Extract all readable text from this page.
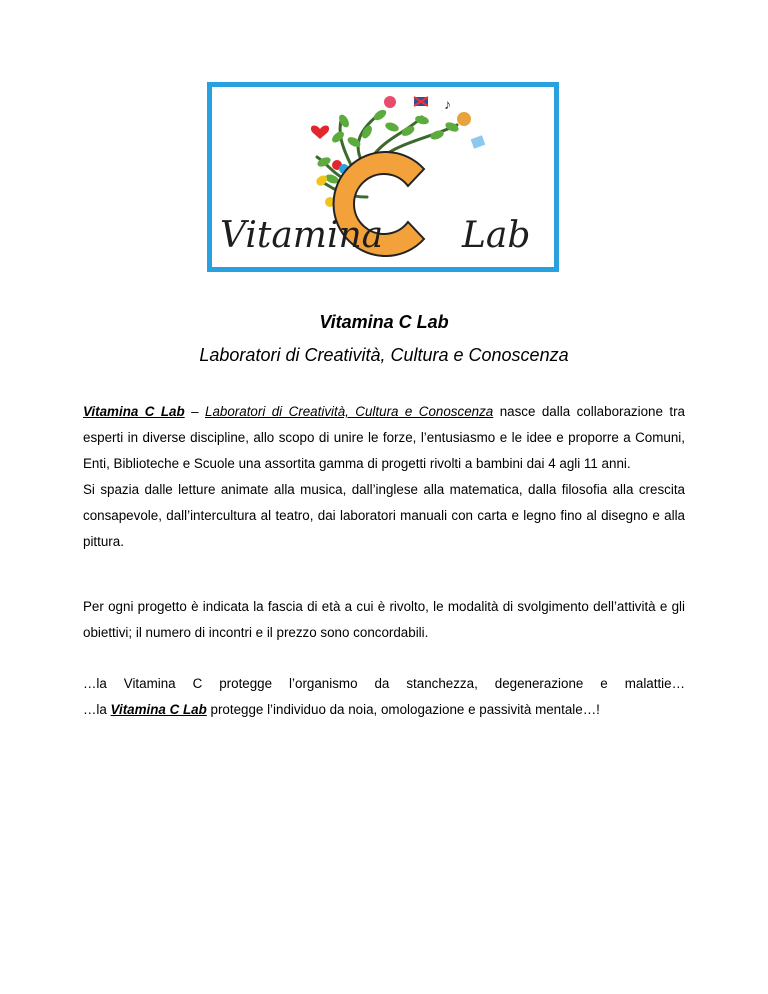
♪
Vitamina Lab
Vitamina C Lab
Laboratori di Creatività, Cultura e Conoscenza
Vitamina C Lab – Laboratori di Creatività, Cultura e Conoscenza nasce dalla collaborazione tra esperti in diverse discipline, allo scopo di unire le forze, l’entusiasmo e le idee e proporre a Comuni, Enti, Biblioteche e Scuole una assortita gamma di progetti rivolti a bambini dai 4 agli 11 anni.
Si spazia dalle letture animate alla musica, dall’inglese alla matematica, dalla filosofia alla crescita consapevole, dall’intercultura al teatro, dai laboratori manuali con carta e legno fino al disegno e alla pittura.
Per ogni progetto è indicata la fascia di età a cui è rivolto, le modalità di svolgimento dell’attività e gli obiettivi; il numero di incontri e il prezzo sono concordabili.
…la Vitamina C protegge l’organismo da stanchezza, degenerazione e malattie…
…la Vitamina C Lab protegge l’individuo da noia, omologazione e passività mentale…!
